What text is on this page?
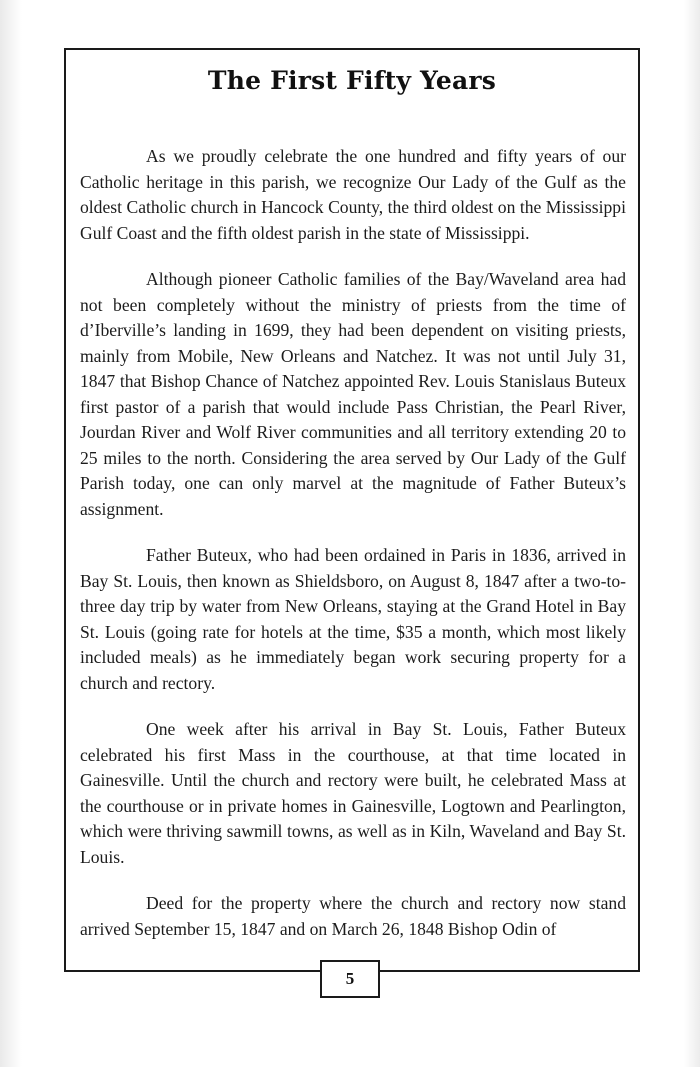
The First Fifty Years

As we proudly celebrate the one hundred and fifty years of our Catholic heritage in this parish, we recognize Our Lady of the Gulf as the oldest Catholic church in Hancock County, the third oldest on the Mississippi Gulf Coast and the fifth oldest parish in the state of Mississippi.

Although pioneer Catholic families of the Bay/Waveland area had not been completely without the ministry of priests from the time of d’Iberville’s landing in 1699, they had been dependent on visiting priests, mainly from Mobile, New Orleans and Natchez. It was not until July 31, 1847 that Bishop Chance of Natchez appointed Rev. Louis Stanislaus Buteux first pastor of a parish that would include Pass Christian, the Pearl River, Jourdan River and Wolf River communities and all territory extending 20 to 25 miles to the north. Considering the area served by Our Lady of the Gulf Parish today, one can only marvel at the magnitude of Father Buteux’s assignment.

Father Buteux, who had been ordained in Paris in 1836, arrived in Bay St. Louis, then known as Shieldsboro, on August 8, 1847 after a two-to-three day trip by water from New Orleans, staying at the Grand Hotel in Bay St. Louis (going rate for hotels at the time, $35 a month, which most likely included meals) as he immediately began work securing property for a church and rectory.

One week after his arrival in Bay St. Louis, Father Buteux celebrated his first Mass in the courthouse, at that time located in Gainesville. Until the church and rectory were built, he celebrated Mass at the courthouse or in private homes in Gainesville, Logtown and Pearlington, which were thriving sawmill towns, as well as in Kiln, Waveland and Bay St. Louis.

Deed for the property where the church and rectory now stand arrived September 15, 1847 and on March 26, 1848 Bishop Odin of

5
